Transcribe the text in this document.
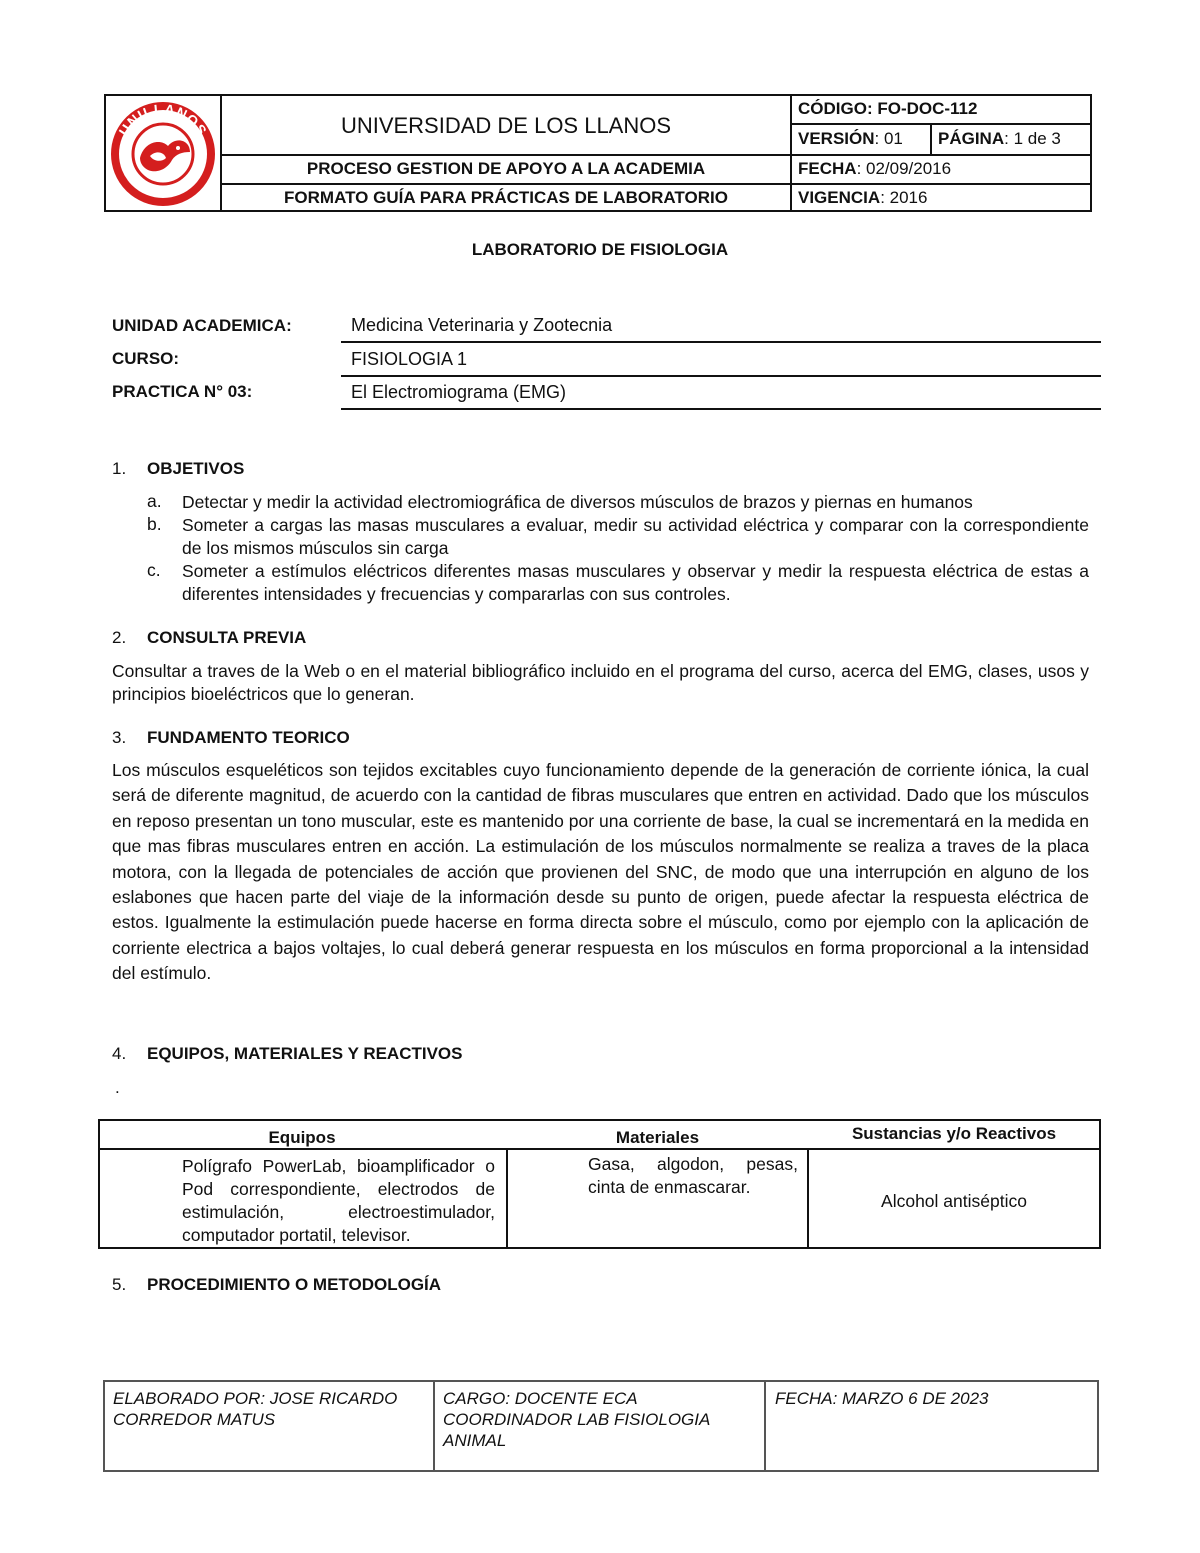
UNIVERSIDAD DE LOS LLANOS
PROCESO GESTION DE APOYO A LA ACADEMIA
FORMATO GUÍA PARA PRÁCTICAS DE LABORATORIO
CÓDIGO: FO-DOC-112
VERSIÓN: 01 PÁGINA: 1 de 3
FECHA: 02/09/2016
VIGENCIA: 2016
UNILLANOS
LABORATORIO DE FISIOLOGIA
UNIDAD ACADEMICA:	Medicina Veterinaria y Zootecnia
CURSO:	FISIOLOGIA 1
PRACTICA N° 03:	El Electromiograma (EMG)
1. OBJETIVOS
a. Detectar y medir la actividad electromiográfica de diversos músculos de brazos y piernas en humanos
b. Someter a cargas las masas musculares a evaluar, medir su actividad eléctrica y comparar con la correspondiente de los mismos músculos sin carga
c. Someter a estímulos eléctricos diferentes masas musculares y observar y medir la respuesta eléctrica de estas a diferentes intensidades y frecuencias y compararlas con sus controles.
2. CONSULTA PREVIA
Consultar a traves de la Web o en el material bibliográfico incluido en el programa del curso, acerca del EMG, clases, usos y principios bioeléctricos que lo generan.
3. FUNDAMENTO TEORICO
Los músculos esqueléticos son tejidos excitables cuyo funcionamiento depende de la generación de corriente iónica, la cual será de diferente magnitud, de acuerdo con la cantidad de fibras musculares que entren en actividad. Dado que los músculos en reposo presentan un tono muscular, este es mantenido por una corriente de base, la cual se incrementará en la medida en que mas fibras musculares entren en acción. La estimulación de los músculos normalmente se realiza a traves de la placa motora, con la llegada de potenciales de acción que provienen del SNC, de modo que una interrupción en alguno de los eslabones que hacen parte del viaje de la información desde su punto de origen, puede afectar la respuesta eléctrica de estos. Igualmente la estimulación puede hacerse en forma directa sobre el músculo, como por ejemplo con la aplicación de corriente electrica a bajos voltajes, lo cual deberá generar respuesta en los músculos en forma proporcional a la intensidad del estímulo.
4. EQUIPOS, MATERIALES Y REACTIVOS
.
Equipos	Materiales	Sustancias y/o Reactivos
Polígrafo PowerLab, bioamplificador o Pod correspondiente, electrodos de estimulación, electroestimulador, computador portatil, televisor.
Gasa, algodon, pesas, cinta de enmascarar.
Alcohol antiséptico
5. PROCEDIMIENTO O METODOLOGÍA
ELABORADO POR: JOSE RICARDO CORREDOR MATUS
CARGO: DOCENTE ECA COORDINADOR LAB FISIOLOGIA ANIMAL
FECHA: MARZO 6 DE 2023
